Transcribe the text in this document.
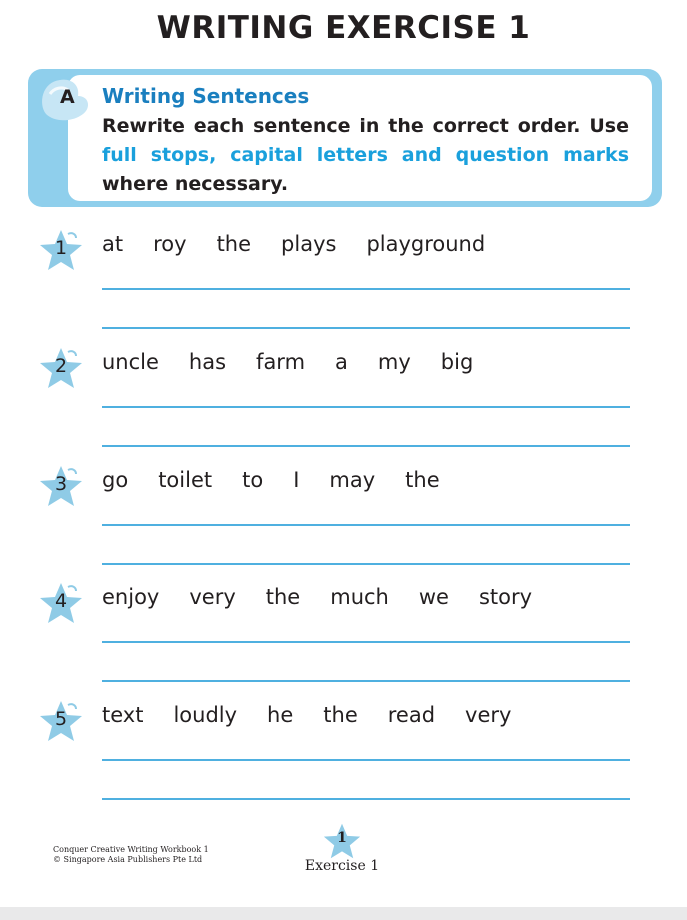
WRITING EXERCISE 1
A Writing Sentences
Rewrite each sentence in the correct order. Use full stops, capital letters and question marks where necessary.
1 at roy the plays playground
2 uncle has farm a my big
3 go toilet to I may the
4 enjoy very the much we story
5 text loudly he the read very
Conquer Creative Writing Workbook 1
© Singapore Asia Publishers Pte Ltd
1
Exercise 1
